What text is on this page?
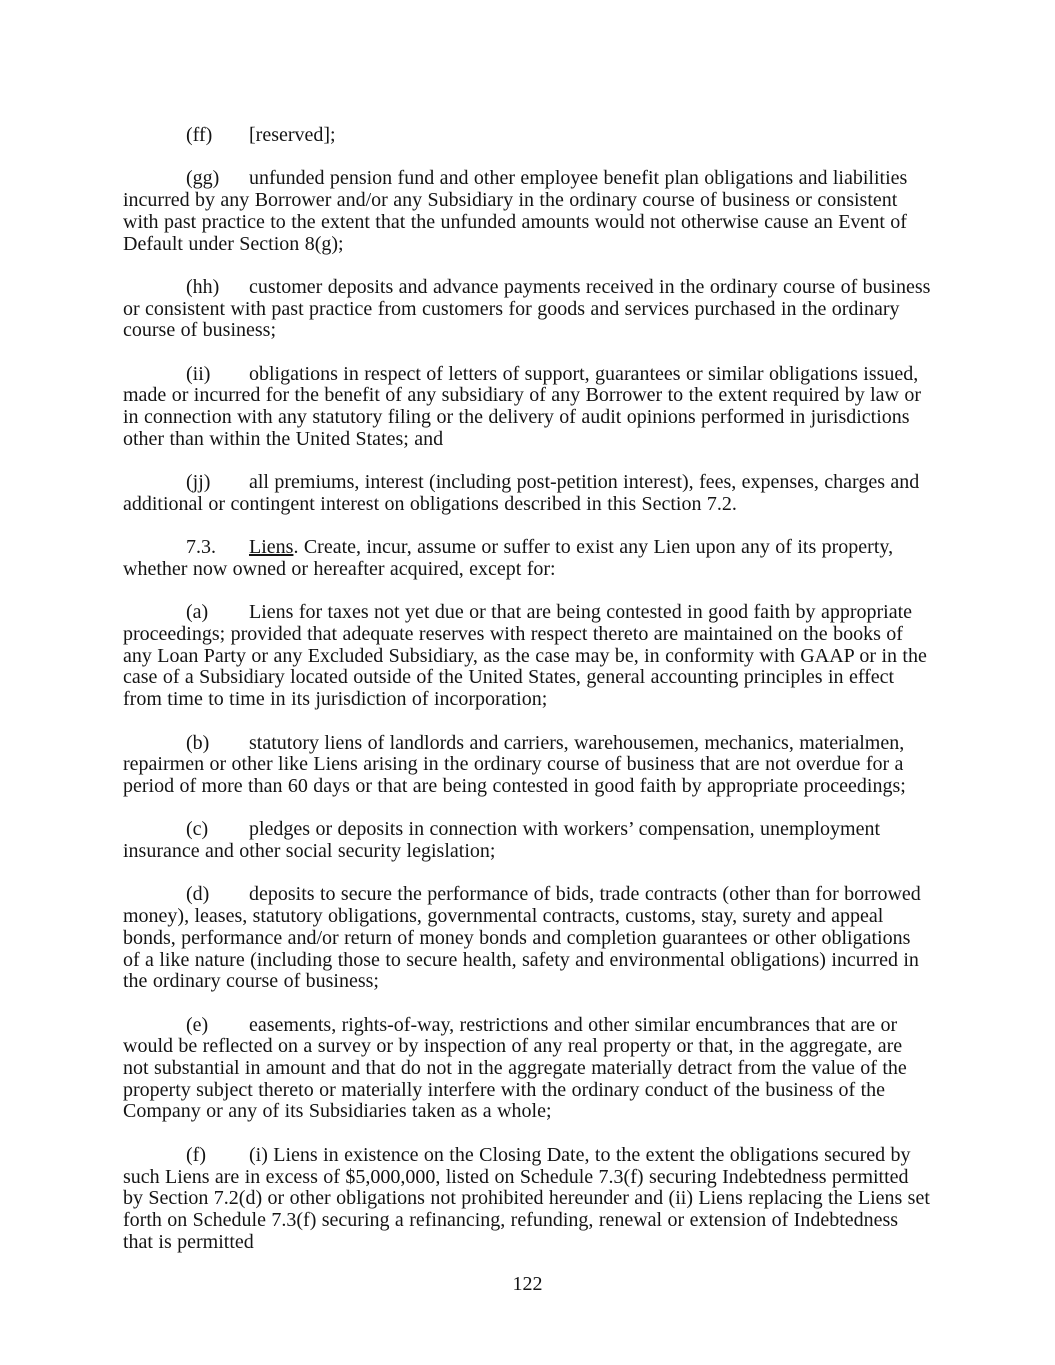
(ff) [reserved];

(gg) unfunded pension fund and other employee benefit plan obligations and liabilities incurred by any Borrower and/or any Subsidiary in the ordinary course of business or consistent with past practice to the extent that the unfunded amounts would not otherwise cause an Event of Default under Section 8(g);

(hh) customer deposits and advance payments received in the ordinary course of business or consistent with past practice from customers for goods and services purchased in the ordinary course of business;

(ii) obligations in respect of letters of support, guarantees or similar obligations issued, made or incurred for the benefit of any subsidiary of any Borrower to the extent required by law or in connection with any statutory filing or the delivery of audit opinions performed in jurisdictions other than within the United States; and

(jj) all premiums, interest (including post-petition interest), fees, expenses, charges and additional or contingent interest on obligations described in this Section 7.2.

7.3. Liens. Create, incur, assume or suffer to exist any Lien upon any of its property, whether now owned or hereafter acquired, except for:

(a) Liens for taxes not yet due or that are being contested in good faith by appropriate proceedings; provided that adequate reserves with respect thereto are maintained on the books of any Loan Party or any Excluded Subsidiary, as the case may be, in conformity with GAAP or in the case of a Subsidiary located outside of the United States, general accounting principles in effect from time to time in its jurisdiction of incorporation;

(b) statutory liens of landlords and carriers, warehousemen, mechanics, materialmen, repairmen or other like Liens arising in the ordinary course of business that are not overdue for a period of more than 60 days or that are being contested in good faith by appropriate proceedings;

(c) pledges or deposits in connection with workers’ compensation, unemployment insurance and other social security legislation;

(d) deposits to secure the performance of bids, trade contracts (other than for borrowed money), leases, statutory obligations, governmental contracts, customs, stay, surety and appeal bonds, performance and/or return of money bonds and completion guarantees or other obligations of a like nature (including those to secure health, safety and environmental obligations) incurred in the ordinary course of business;

(e) easements, rights-of-way, restrictions and other similar encumbrances that are or would be reflected on a survey or by inspection of any real property or that, in the aggregate, are not substantial in amount and that do not in the aggregate materially detract from the value of the property subject thereto or materially interfere with the ordinary conduct of the business of the Company or any of its Subsidiaries taken as a whole;

(f) (i) Liens in existence on the Closing Date, to the extent the obligations secured by such Liens are in excess of $5,000,000, listed on Schedule 7.3(f) securing Indebtedness permitted by Section 7.2(d) or other obligations not prohibited hereunder and (ii) Liens replacing the Liens set forth on Schedule 7.3(f) securing a refinancing, refunding, renewal or extension of Indebtedness that is permitted

122
